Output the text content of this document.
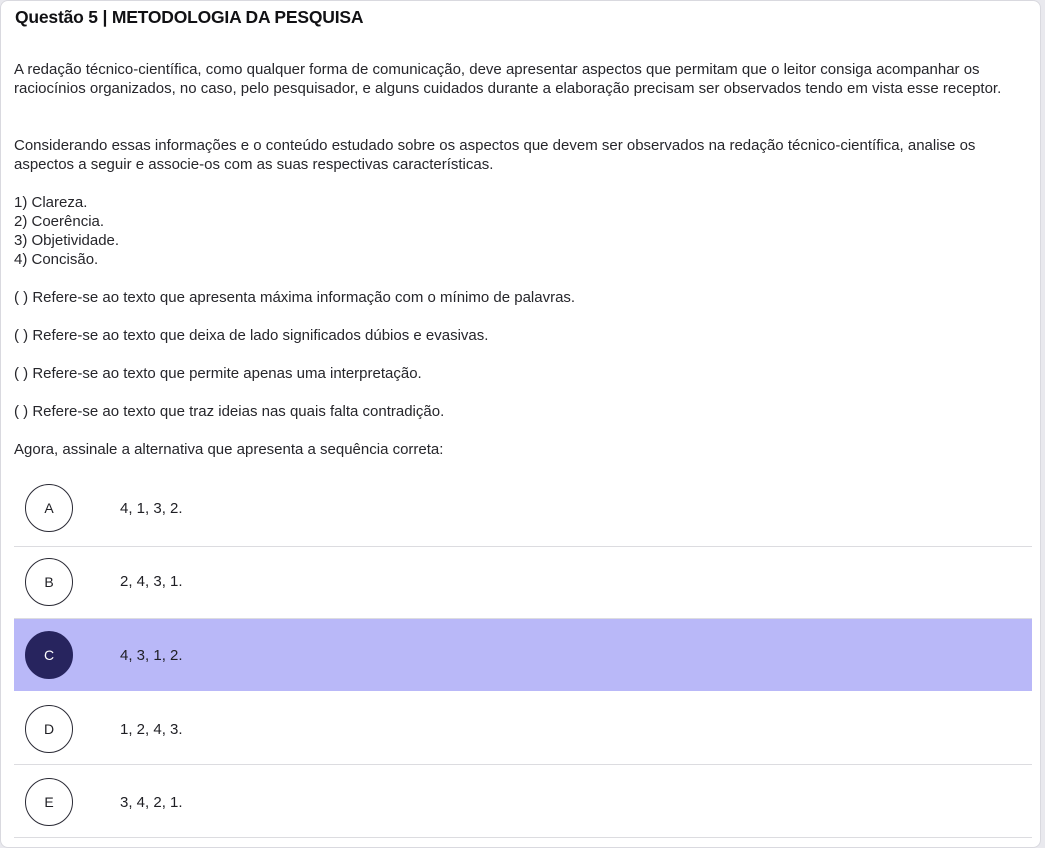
Questão 5 | METODOLOGIA DA PESQUISA

A redação técnico-científica, como qualquer forma de comunicação, deve apresentar aspectos que permitam que o leitor consiga acompanhar os raciocínios organizados, no caso, pelo pesquisador, e alguns cuidados durante a elaboração precisam ser observados tendo em vista esse receptor.

Considerando essas informações e o conteúdo estudado sobre os aspectos que devem ser observados na redação técnico-científica, analise os aspectos a seguir e associe-os com as suas respectivas características.

1) Clareza.
2) Coerência.
3) Objetividade.
4) Concisão.
( ) Refere-se ao texto que apresenta máxima informação com o mínimo de palavras.
( ) Refere-se ao texto que deixa de lado significados dúbios e evasivas.
( ) Refere-se ao texto que permite apenas uma interpretação.
( ) Refere-se ao texto que traz ideias nas quais falta contradição.
Agora, assinale a alternativa que apresenta a sequência correta:
A	4, 1, 3, 2.
B	2, 4, 3, 1.
C	4, 3, 1, 2.
D	1, 2, 4, 3.
E	3, 4, 2, 1.
